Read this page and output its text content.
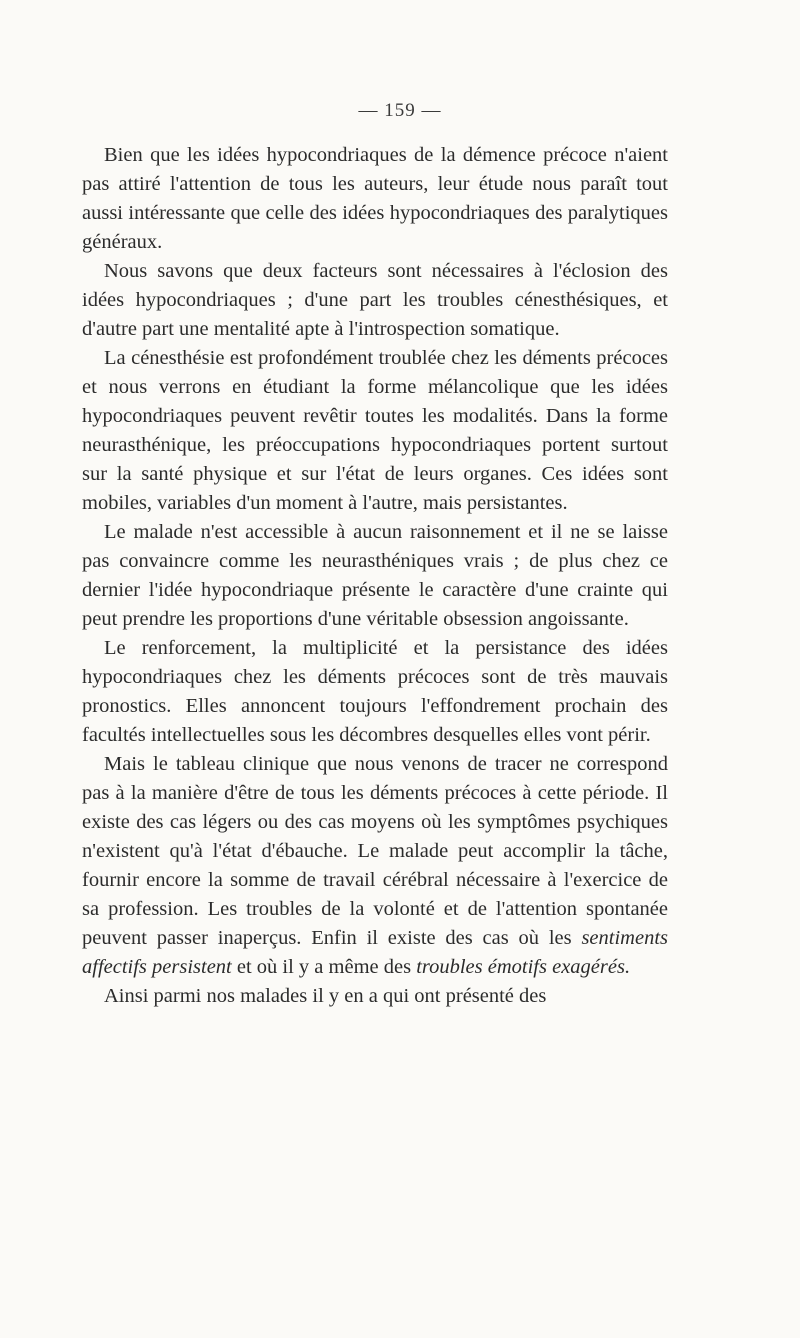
— 159 —

Bien que les idées hypocondriaques de la démence précoce n'aient pas attiré l'attention de tous les auteurs, leur étude nous paraît tout aussi intéressante que celle des idées hypocondriaques des paralytiques généraux.

Nous savons que deux facteurs sont nécessaires à l'éclosion des idées hypocondriaques ; d'une part les troubles cénesthésiques, et d'autre part une mentalité apte à l'introspection somatique.

La cénesthésie est profondément troublée chez les déments précoces et nous verrons en étudiant la forme mélancolique que les idées hypocondriaques peuvent revêtir toutes les modalités. Dans la forme neurasthénique, les préoccupations hypocondriaques portent surtout sur la santé physique et sur l'état de leurs organes. Ces idées sont mobiles, variables d'un moment à l'autre, mais persistantes.

Le malade n'est accessible à aucun raisonnement et il ne se laisse pas convaincre comme les neurasthéniques vrais ; de plus chez ce dernier l'idée hypocondriaque présente le caractère d'une crainte qui peut prendre les proportions d'une véritable obsession angoissante.

Le renforcement, la multiplicité et la persistance des idées hypocondriaques chez les déments précoces sont de très mauvais pronostics. Elles annoncent toujours l'effondrement prochain des facultés intellectuelles sous les décombres desquelles elles vont périr.

Mais le tableau clinique que nous venons de tracer ne correspond pas à la manière d'être de tous les déments précoces à cette période. Il existe des cas légers ou des cas moyens où les symptômes psychiques n'existent qu'à l'état d'ébauche. Le malade peut accomplir la tâche, fournir encore la somme de travail cérébral nécessaire à l'exercice de sa profession. Les troubles de la volonté et de l'attention spontanée peuvent passer inaperçus. Enfin il existe des cas où les sentiments affectifs persistent et où il y a même des troubles émotifs exagérés.

Ainsi parmi nos malades il y en a qui ont présenté des
